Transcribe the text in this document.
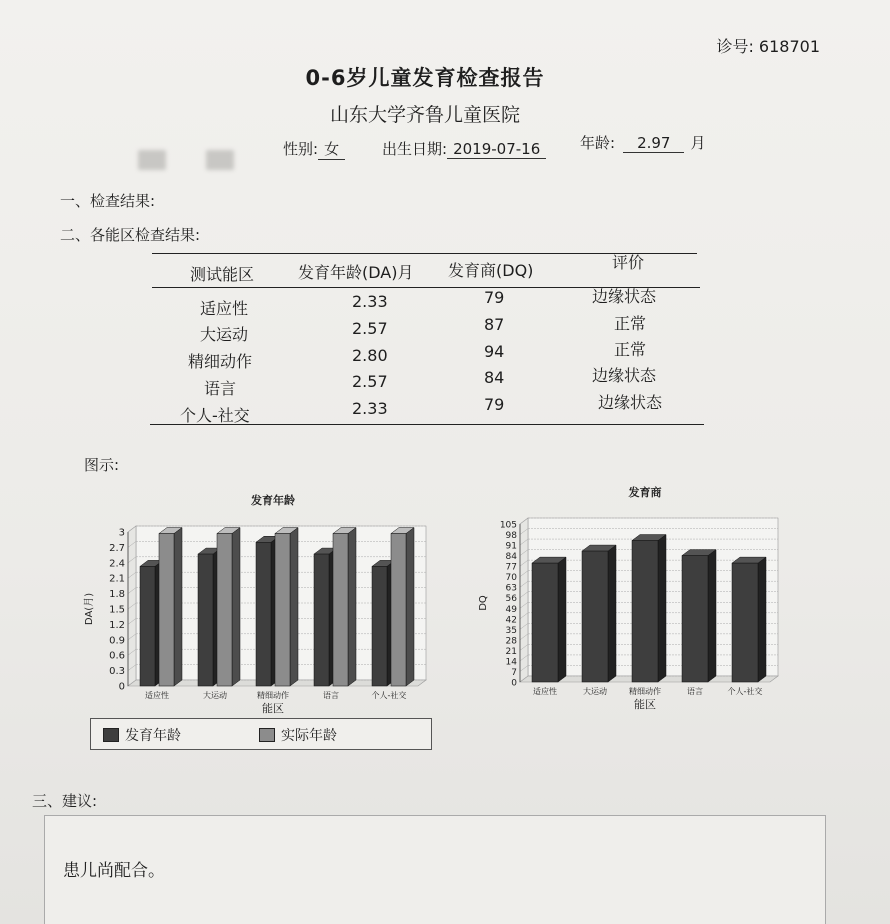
诊号: 618701
0-6岁儿童发育检查报告
山东大学齐鲁儿童医院
性别: 女	出生日期: 2019-07-16	年龄: 2.97 月
一、检查结果:
二、各能区检查结果:
测试能区	发育年龄(DA)月 发育商(DQ)	评价
适应性	2.33	79	边缘状态
大运动	2.57	87	正常
精细动作	2.80	94	正常
语言	2.57	84	边缘状态
个人-社交	2.33	79	边缘状态
图示:
发育年龄
0
0.3
0.6
0.9
1.2
1.5
1.8
2.1
2.4
2.7
3
DA(月)
适应性	大运动	精细动作	语言	个人-社交
能区
发育商
0
7
14
21
28
35
42
49
56
63
70
77
84
91
98
105
DQ
适应性	大运动	精细动作	语言	个人-社交
能区
发育年龄	实际年龄
三、建议:
患儿尚配合。
